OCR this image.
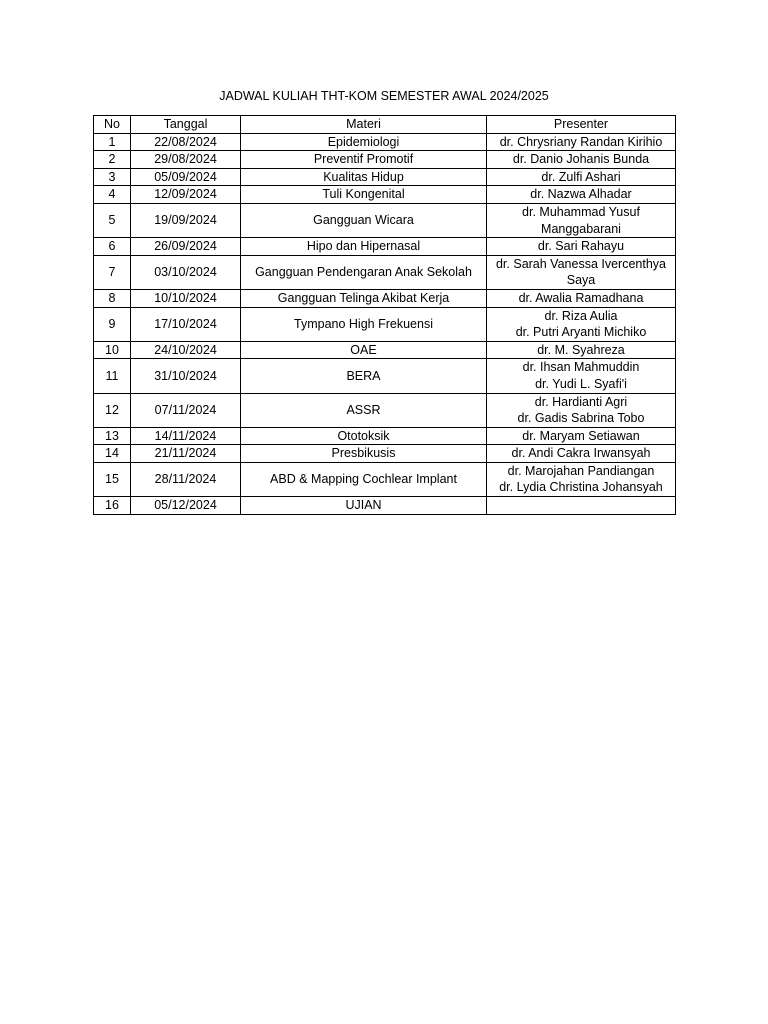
JADWAL KULIAH THT-KOM SEMESTER AWAL 2024/2025
No	Tanggal	Materi	Presenter
1	22/08/2024	Epidemiologi	dr. Chrysriany Randan Kirihio

2	29/08/2024	Preventif Promotif	dr. Danio Johanis Bunda

3	05/09/2024	Kualitas Hidup	dr. Zulfi Ashari

4	12/09/2024	Tuli Kongenital	dr. Nazwa Alhadar

5	19/09/2024	Gangguan Wicara	dr. Muhammad Yusuf
Manggabarani

6	26/09/2024	Hipo dan Hipernasal	dr. Sari Rahayu

7	03/10/2024	Gangguan Pendengaran Anak Sekolah	dr. Sarah Vanessa Ivercenthya
Saya

8	10/10/2024	Gangguan Telinga Akibat Kerja	dr. Awalia Ramadhana

9	17/10/2024	Tympano High Frekuensi	dr. Riza Aulia
dr. Putri Aryanti Michiko

10	24/10/2024	OAE	dr. M. Syahreza

11	31/10/2024	BERA	dr. Ihsan Mahmuddin
dr. Yudi L. Syafi'i

12	07/11/2024	ASSR	dr. Hardianti Agri
dr. Gadis Sabrina Tobo

13	14/11/2024	Ototoksik	dr. Maryam Setiawan

14	21/11/2024	Presbikusis	dr. Andi Cakra Irwansyah

15	28/11/2024	ABD & Mapping Cochlear Implant	dr. Marojahan Pandiangan
dr. Lydia Christina Johansyah

16	05/12/2024	UJIAN	
